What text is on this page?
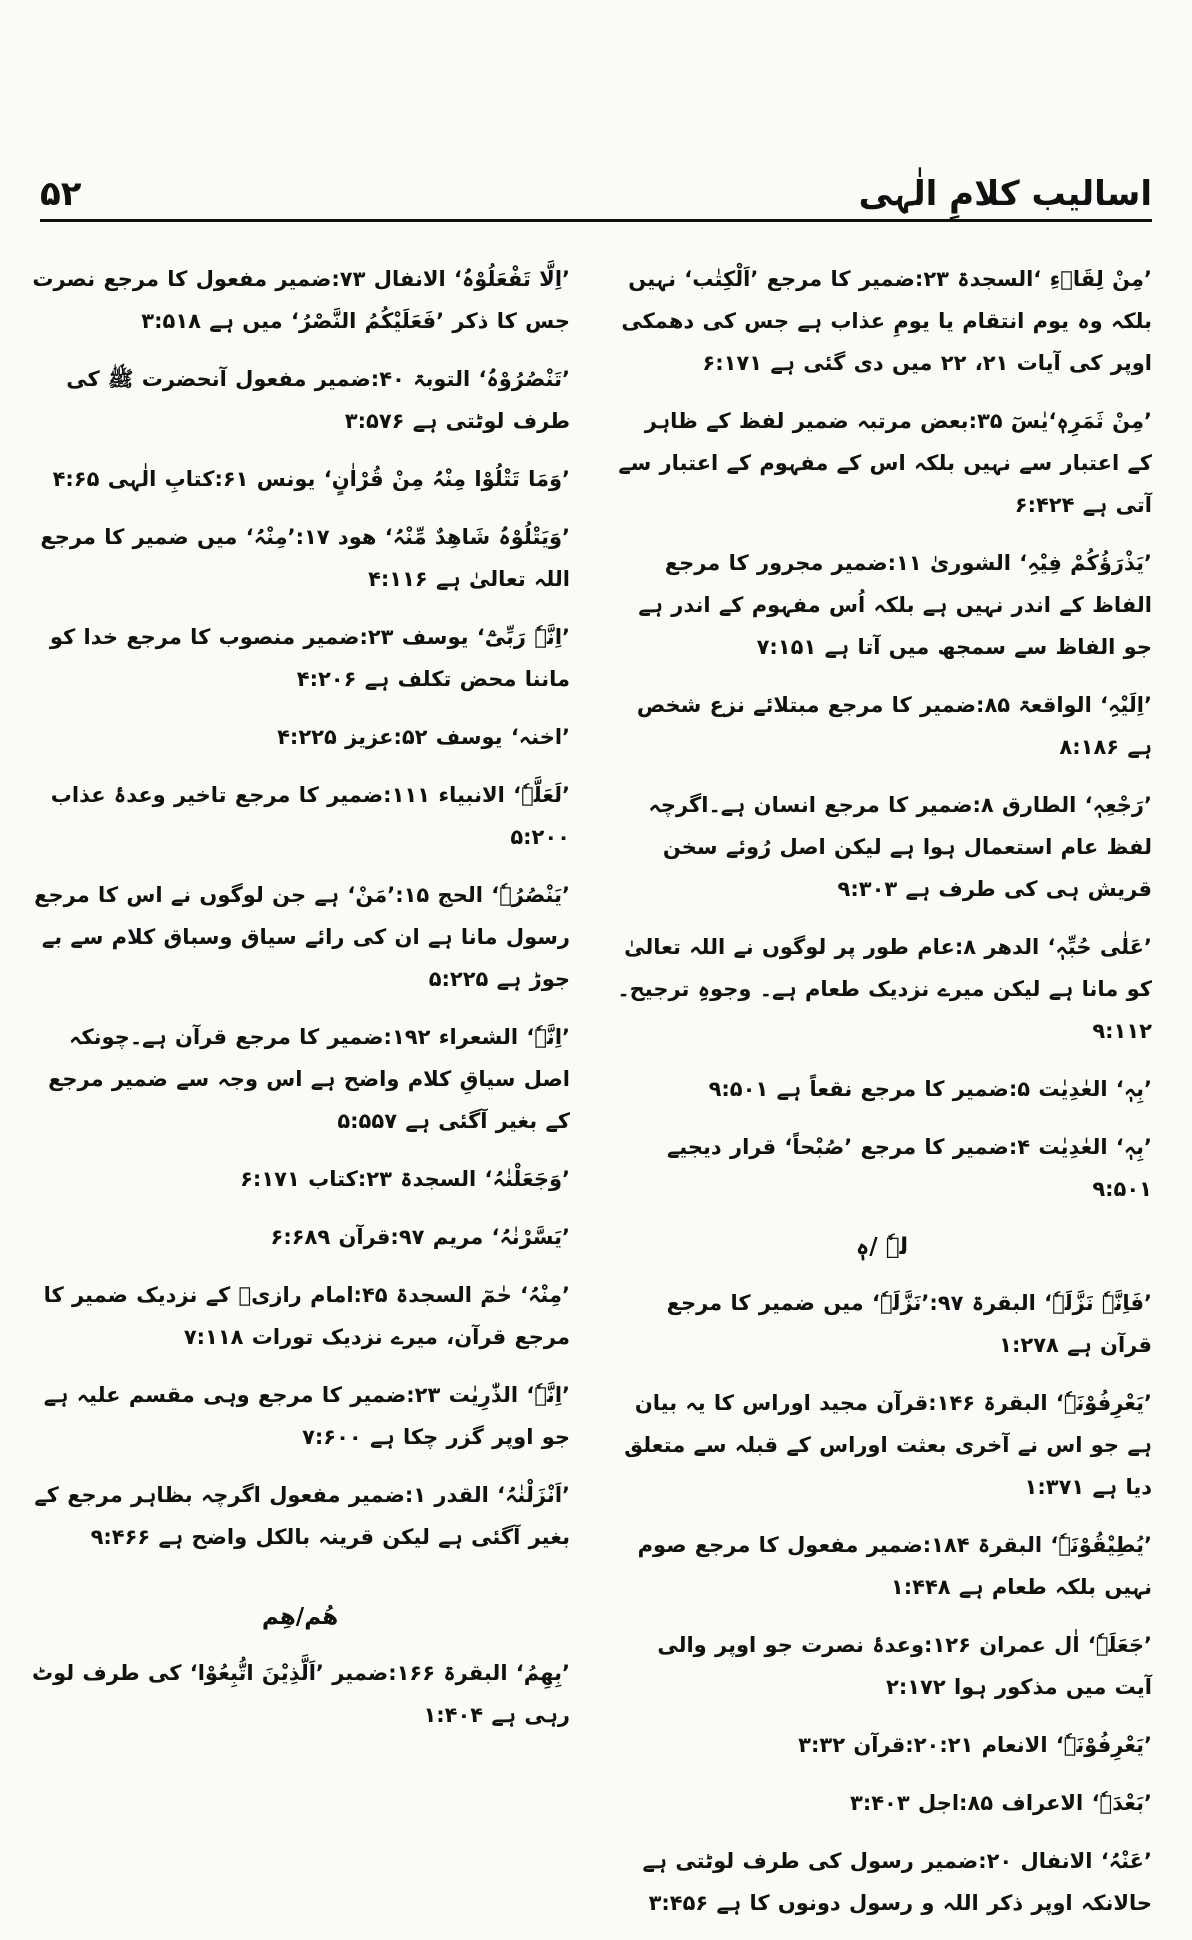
۵۲	اسالیب کلامِ الٰہی

’مِنْ لِقَاۗءِ ‘السجدۃ ۲۳:ضمیر کا مرجع ’اَلْکِتٰب‘ نہیں بلکہ وہ یوم انتقام یا یومِ عذاب ہے جس کی دھمکی اوپر کی آیات ۲۱، ۲۲ میں دی گئی ہے ۶:۱۷۱

’مِنْ ثَمَرِہٖ‘یٰسٓ ۳۵:بعض مرتبہ ضمیر لفظ کے ظاہر کے اعتبار سے نہیں بلکہ اس کے مفہوم کے اعتبار سے آتی ہے ۶:۴۲۴

’یَذْرَؤُکُمْ فِیْہِ‘ الشوریٰ ۱۱:ضمیر مجرور کا مرجع الفاظ کے اندر نہیں ہے بلکہ اُس مفہوم کے اندر ہے جو الفاظ سے سمجھ میں آتا ہے ۷:۱۵۱

’اِلَیْہِ‘ الواقعۃ ۸۵:ضمیر کا مرجع مبتلائے نزع شخص ہے ۸:۱۸۶

’رَجْعِہٖ‘ الطارق ۸:ضمیر کا مرجع انسان ہے۔اگرچہ لفظ عام استعمال ہوا ہے لیکن اصل رُوئے سخن قریش ہی کی طرف ہے ۹:۳۰۳

’عَلٰی حُبِّہٖ‘ الدھر ۸:عام طور پر لوگوں نے اللہ تعالیٰ کو مانا ہے لیکن میرے نزدیک طعام ہے۔ وجوہِ ترجیح۔۹:۱۱۲

’بِہٖ‘ العٰدِیٰت ۵:ضمیر کا مرجع نقعاً ہے ۹:۵۰۱

’بِہٖ‘ العٰدِیٰت ۴:ضمیر کا مرجع ’صُبْحاً‘ قرار دیجیے ۹:۵۰۱

لہٗ /ہٖ

’فَاِنَّہٗ نَزَّلَہٗ‘ البقرۃ ۹۷:’نَزَّلَہٗ‘ میں ضمیر کا مرجع قرآن ہے ۱:۲۷۸

’یَعْرِفُوْنَہٗ‘ البقرۃ ۱۴۶:قرآن مجید اوراس کا یہ بیان ہے جو اس نے آخری بعثت اوراس کے قبلہ سے متعلق دیا ہے ۱:۳۷۱

’یُطِیْقُوْنَہٗ‘ البقرۃ ۱۸۴:ضمیر مفعول کا مرجع صوم نہیں بلکہ طعام ہے ۱:۴۴۸

’جَعَلَہٗ‘ اٰل عمران ۱۲۶:وعدۂ نصرت جو اوپر والی آیت میں مذکور ہوا ۲:۱۷۲

’یَعْرِفُوْنَہٗ‘ الانعام ۲۰:۲۱:قرآن ۳:۳۲

’بَعْدَہٗ‘ الاعراف ۸۵:اجل ۳:۴۰۳

’عَنْہُ‘ الانفال ۲۰:ضمیر رسول کی طرف لوٹتی ہے حالانکہ اوپر ذکر اللہ و رسول دونوں کا ہے ۳:۴۵۶

’اِلَّا تَفْعَلُوْہُ‘ الانفال ۷۳:ضمیر مفعول کا مرجع نصرت جس کا ذکر ’فَعَلَیْکُمُ النَّصْرُ‘ میں ہے ۳:۵۱۸

’تَنْصُرُوْہُ‘ التوبۃ ۴۰:ضمیر مفعول آنحضرت ﷺ کی طرف لوٹتی ہے ۳:۵۷۶

’وَمَا تَتْلُوْا مِنْہُ مِنْ قُرْاٰنٍ‘ یونس ۶۱:کتابِ الٰہی ۴:۶۵

’وَیَتْلُوْہُ شَاھِدٌ مِّنْہُ‘ ھود ۱۷:’مِنْہُ‘ میں ضمیر کا مرجع اللہ تعالیٰ ہے ۴:۱۱۶

’اِنَّہٗ رَبِّیْٓ‘ یوسف ۲۳:ضمیر منصوب کا مرجع خدا کو ماننا محض تکلف ہے ۴:۲۰۶

’اخنہ‘ یوسف ۵۲:عزیز ۴:۲۲۵

’لَعَلَّہٗ‘ الانبیاء ۱۱۱:ضمیر کا مرجع تاخیر وعدۂ عذاب ۵:۲۰۰

’یَنْصُرُہٗ‘ الحج ۱۵:’مَنْ‘ ہے جن لوگوں نے اس کا مرجع رسول مانا ہے ان کی رائے سیاق وسباق کلام سے بے جوڑ ہے ۵:۲۲۵

’اِنَّہٗ‘ الشعراء ۱۹۲:ضمیر کا مرجع قرآن ہے۔چونکہ اصل سیاقِ کلام واضح ہے اس وجہ سے ضمیر مرجع کے بغیر آگئی ہے ۵:۵۵۷

’وَجَعَلْنٰہُ‘ السجدۃ ۲۳:کتاب ۶:۱۷۱

’یَسَّرْنٰہُ‘ مریم ۹۷:قرآن ۶:۶۸۹

’مِنْہُ‘ حٰمٓ السجدۃ ۴۵:امام رازیؒ کے نزدیک ضمیر کا مرجع قرآن، میرے نزدیک تورات ۷:۱۱۸

’اِنَّہٗ‘ الذّٰرِیٰت ۲۳:ضمیر کا مرجع وہی مقسم علیہ ہے جو اوپر گزر چکا ہے ۷:۶۰۰

’اَنْزَلْنٰہُ‘ القدر ۱:ضمیر مفعول اگرچہ بظاہر مرجع کے بغیر آگئی ہے لیکن قرینہ بالکل واضح ہے ۹:۴۶۶

ھُم/ھِم

’بِھِمُ‘ البقرۃ ۱۶۶:ضمیر ’اَلَّذِیْنَ اتُّبِعُوْا‘ کی طرف لوٹ رہی ہے ۱:۴۰۴
